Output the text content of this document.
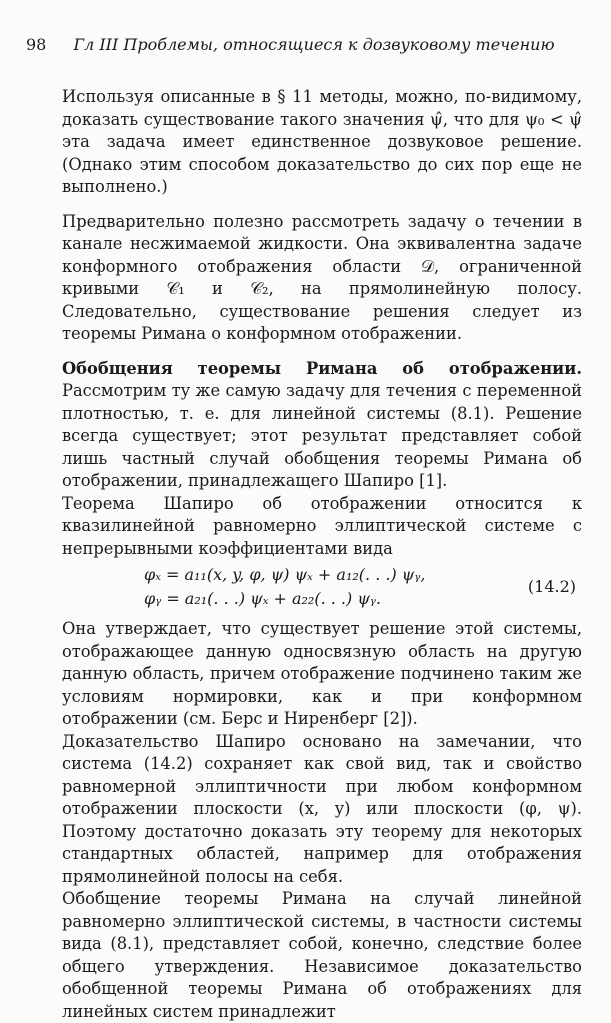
98 Гл III Проблемы, относящиеся к дозвуковому течению

Используя описанные в § 11 методы, можно, по-видимому, доказать существование такого значения ψ̂, что для ψ₀ < ψ̂ эта задача имеет единственное дозвуковое решение. (Однако этим способом доказательство до сих пор еще не выполнено.)

Предварительно полезно рассмотреть задачу о течении в канале несжимаемой жидкости. Она эквивалентна задаче конформного отображения области 𝒟, ограниченной кривыми 𝒞₁ и 𝒞₂, на прямолинейную полосу. Следовательно, существование решения следует из теоремы Римана о конформном отображении.

Обобщения теоремы Римана об отображении. Рассмотрим ту же самую задачу для течения с переменной плотностью, т. е. для линейной системы (8.1). Решение всегда существует; этот результат представляет собой лишь частный случай обобщения теоремы Римана об отображении, принадлежащего Шапиро [1].

Теорема Шапиро об отображении относится к квазилинейной равномерно эллиптической системе с непрерывными коэффициентами вида

φₓ = a₁₁(x, y, φ, ψ) ψₓ + a₁₂(. . .) ψᵧ,
φᵧ = a₂₁(. . .) ψₓ + a₂₂(. . .) ψᵧ.
(14.2)

Она утверждает, что существует решение этой системы, отображающее данную односвязную область на другую данную область, причем отображение подчинено таким же условиям нормировки, как и при конформном отображении (см. Берс и Ниренберг [2]).

Доказательство Шапиро основано на замечании, что система (14.2) сохраняет как свой вид, так и свойство равномерной эллиптичности при любом конформном отображении плоскости (x, y) или плоскости (φ, ψ). Поэтому достаточно доказать эту теорему для некоторых стандартных областей, например для отображения прямолинейной полосы на себя.

Обобщение теоремы Римана на случай линейной равномерно эллиптической системы, в частности системы вида (8.1), представляет собой, конечно, следствие более общего утверждения. Независимое доказательство обобщенной теоремы Римана об отображениях для линейных систем принадлежит
